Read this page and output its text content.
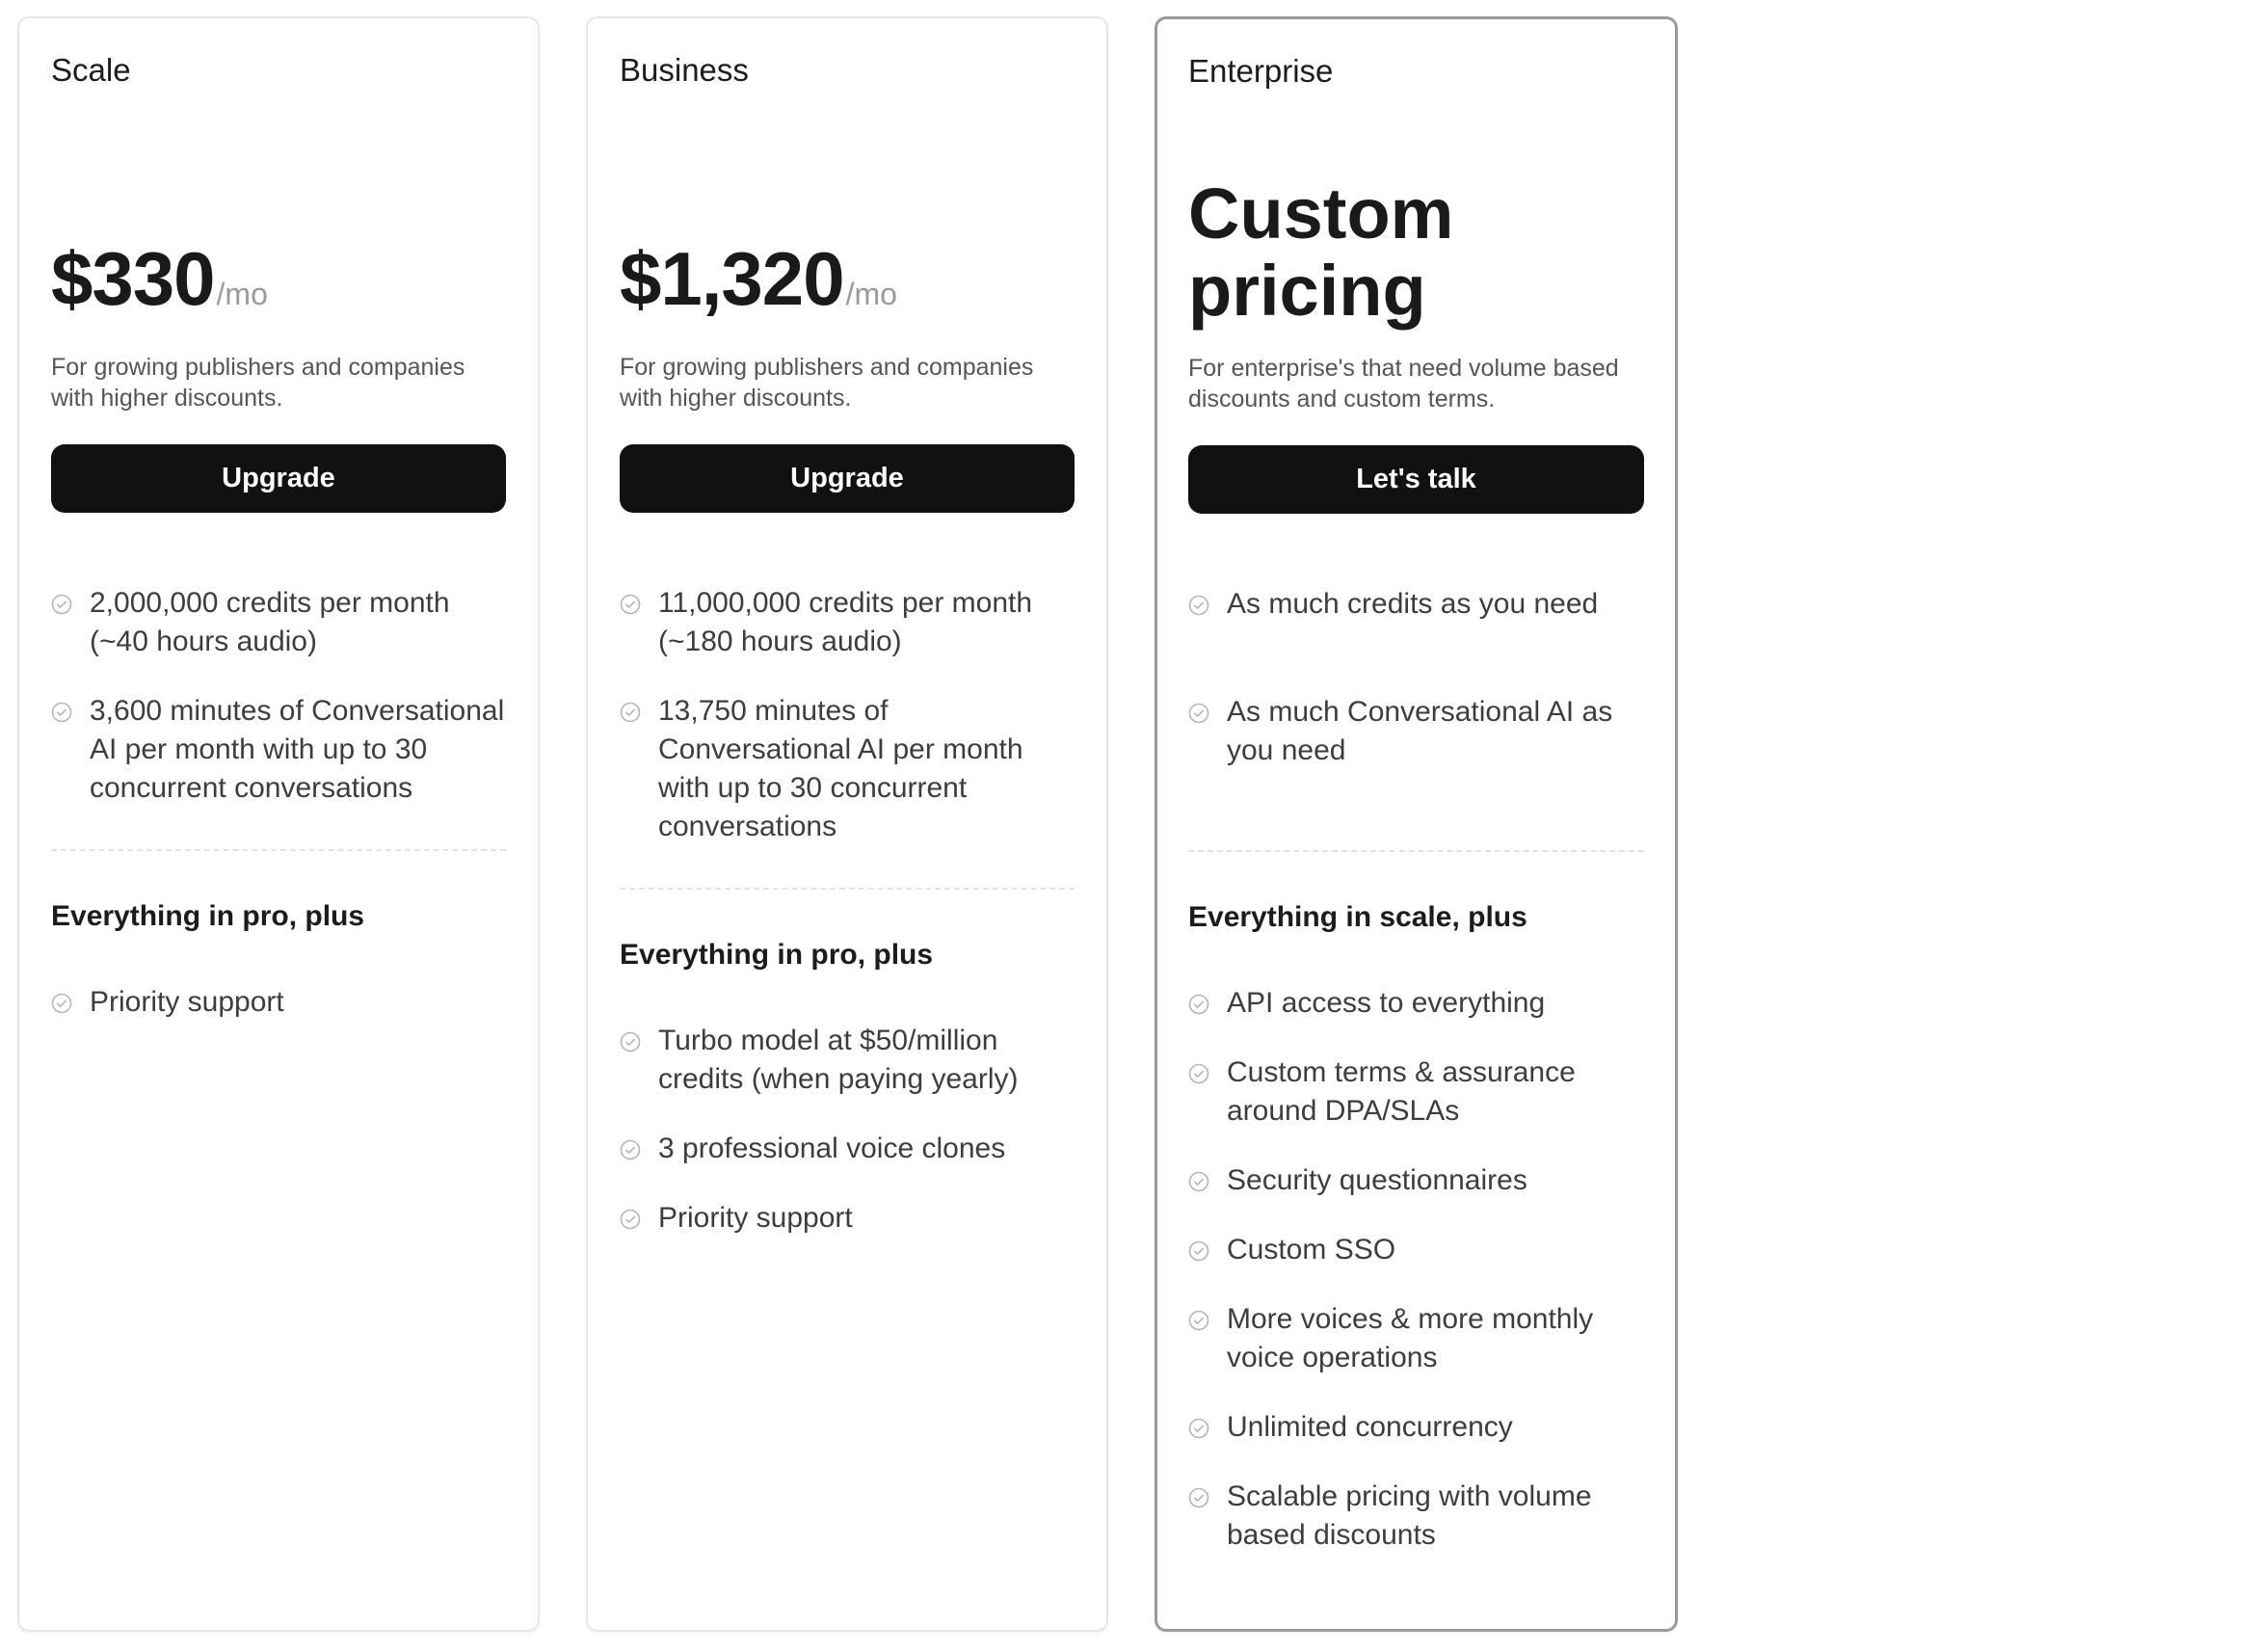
Scale
$330/mo
For growing publishers and companies with higher discounts.
Upgrade
2,000,000 credits per month (~40 hours audio)
3,600 minutes of Conversational AI per month with up to 30 concurrent conversations
Everything in pro, plus
Priority support
Business
$1,320/mo
For growing publishers and companies with higher discounts.
Upgrade
11,000,000 credits per month (~180 hours audio)
13,750 minutes of Conversational AI per month with up to 30 concurrent conversations
Everything in pro, plus
Turbo model at $50/million credits (when paying yearly)
3 professional voice clones
Priority support
Enterprise
Custom pricing
For enterprise's that need volume based discounts and custom terms.
Let's talk
As much credits as you need
As much Conversational AI as you need
Everything in scale, plus
API access to everything
Custom terms & assurance around DPA/SLAs
Security questionnaires
Custom SSO
More voices & more monthly voice operations
Unlimited concurrency
Scalable pricing with volume based discounts
